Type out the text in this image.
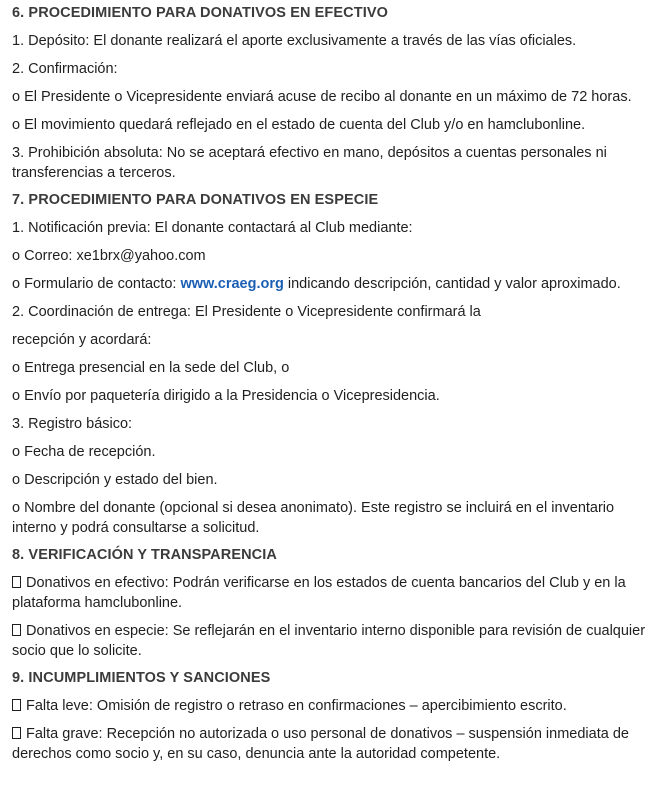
6. PROCEDIMIENTO PARA DONATIVOS EN EFECTIVO

1. Depósito: El donante realizará el aporte exclusivamente a través de las vías oficiales.

2. Confirmación:

o El Presidente o Vicepresidente enviará acuse de recibo al donante en un máximo de 72 horas.

o El movimiento quedará reflejado en el estado de cuenta del Club y/o en hamclubonline.

3. Prohibición absoluta: No se aceptará efectivo en mano, depósitos a cuentas personales ni transferencias a terceros.

7. PROCEDIMIENTO PARA DONATIVOS EN ESPECIE

1. Notificación previa: El donante contactará al Club mediante:

o Correo: xe1brx@yahoo.com

o Formulario de contacto: www.craeg.org indicando descripción, cantidad y valor aproximado.

2. Coordinación de entrega: El Presidente o Vicepresidente confirmará la

recepción y acordará:

o Entrega presencial en la sede del Club, o

o Envío por paquetería dirigido a la Presidencia o Vicepresidencia.

3. Registro básico:

o Fecha de recepción.

o Descripción y estado del bien.

o Nombre del donante (opcional si desea anonimato). Este registro se incluirá en el inventario interno y podrá consultarse a solicitud.

8. VERIFICACIÓN Y TRANSPARENCIA

Donativos en efectivo: Podrán verificarse en los estados de cuenta bancarios del Club y en la plataforma hamclubonline.

Donativos en especie: Se reflejarán en el inventario interno disponible para revisión de cualquier socio que lo solicite.

9. INCUMPLIMIENTOS Y SANCIONES

Falta leve: Omisión de registro o retraso en confirmaciones – apercibimiento escrito.

Falta grave: Recepción no autorizada o uso personal de donativos – suspensión inmediata de derechos como socio y, en su caso, denuncia ante la autoridad competente.
